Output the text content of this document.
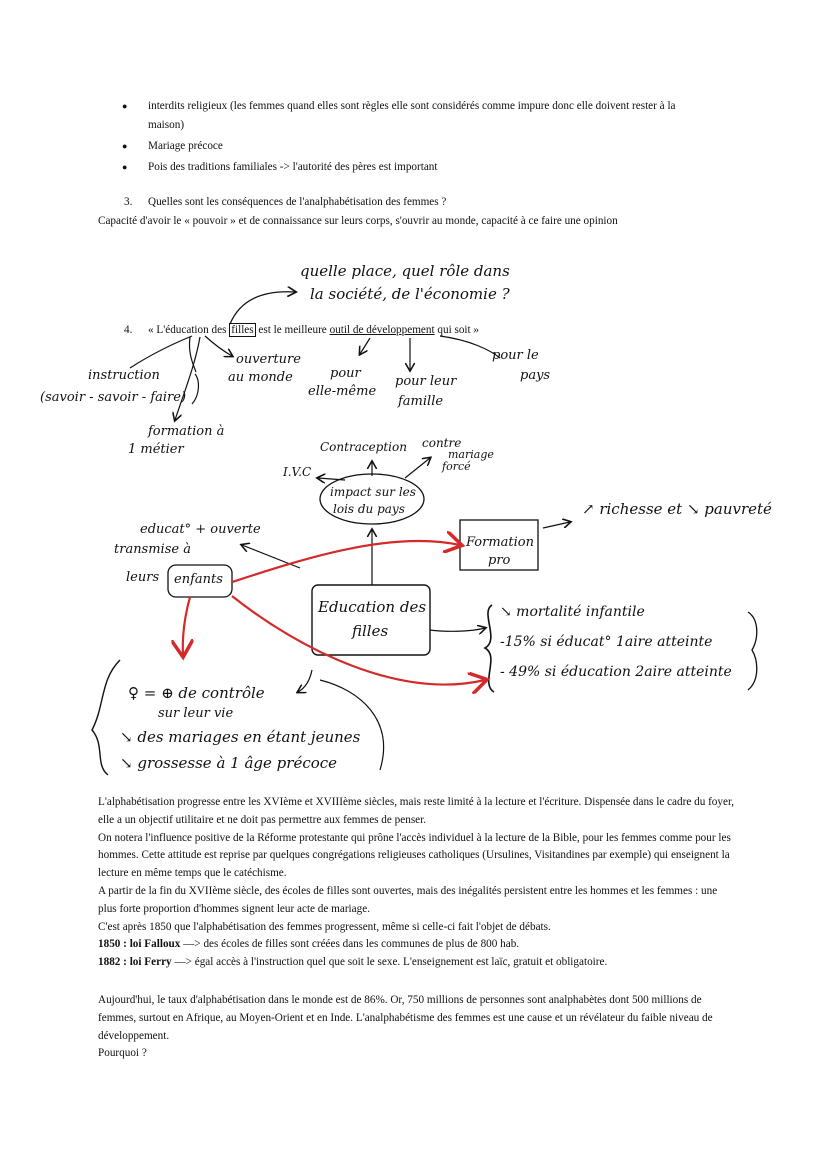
● interdits religieux (les femmes quand elles sont règles elle sont considérés comme impure donc elle doivent rester à la
maison)
● Mariage précoce
● Pois des traditions familiales -> l'autorité des pères est important
3. Quelles sont les conséquences de l'analphabétisation des femmes ?
Capacité d'avoir le « pouvoir » et de connaissance sur leurs corps, s'ouvrir au monde, capacité à ce faire une opinion
4. « L'éducation des filles est le meilleure outil de développement qui soit »
quelle place, quel rôle dans
la société, de l'économie ?
instruction
(savoir - savoir - faire)
ouverture
au monde
formation à
1 métier
pour
elle-même
pour leur
famille
pour le
pays
Contraception contre
mariage
forcé
I.V.C
impact sur les
lois du pays	↗ richesse et ↘ pauvreté
Formation
pro
educat° + ouverte
transmise à
leurs enfants
Education des
filles
↘ mortalité infantile
-15% si éducat° 1aire atteinte
- 49% si éducation 2aire atteinte
♀ = ⊕ de contrôle
sur leur vie
↘ des mariages en étant jeunes
↘ grossesse à 1 âge précoce

L'alphabétisation progresse entre les XVIème et XVIIIème siècles, mais reste limité à la lecture et l'écriture. Dispensée dans le cadre du foyer, elle a un objectif utilitaire et ne doit pas permettre aux femmes de penser.

On notera l'influence positive de la Réforme protestante qui prône l'accès individuel à la lecture de la Bible, pour les femmes comme pour les hommes. Cette attitude est reprise par quelques congrégations religieuses catholiques (Ursulines, Visitandines par exemple) qui enseignent la lecture en même temps que le catéchisme.

A partir de la fin du XVIIème siècle, des écoles de filles sont ouvertes, mais des inégalités persistent entre les hommes et les femmes : une plus forte proportion d'hommes signent leur acte de mariage.

C'est après 1850 que l'alphabétisation des femmes progressent, même si celle-ci fait l'objet de débats.

1850 : loi Falloux —> des écoles de filles sont créées dans les communes de plus de 800 hab.

1882 : loi Ferry —> égal accès à l'instruction quel que soit le sexe. L'enseignement est laïc, gratuit et obligatoire.

Aujourd'hui, le taux d'alphabétisation dans le monde est de 86%. Or, 750 millions de personnes sont analphabètes dont 500 millions de femmes, surtout en Afrique, au Moyen-Orient et en Inde. L'analphabétisme des femmes est une cause et un révélateur du faible niveau de développement.

Pourquoi ?
